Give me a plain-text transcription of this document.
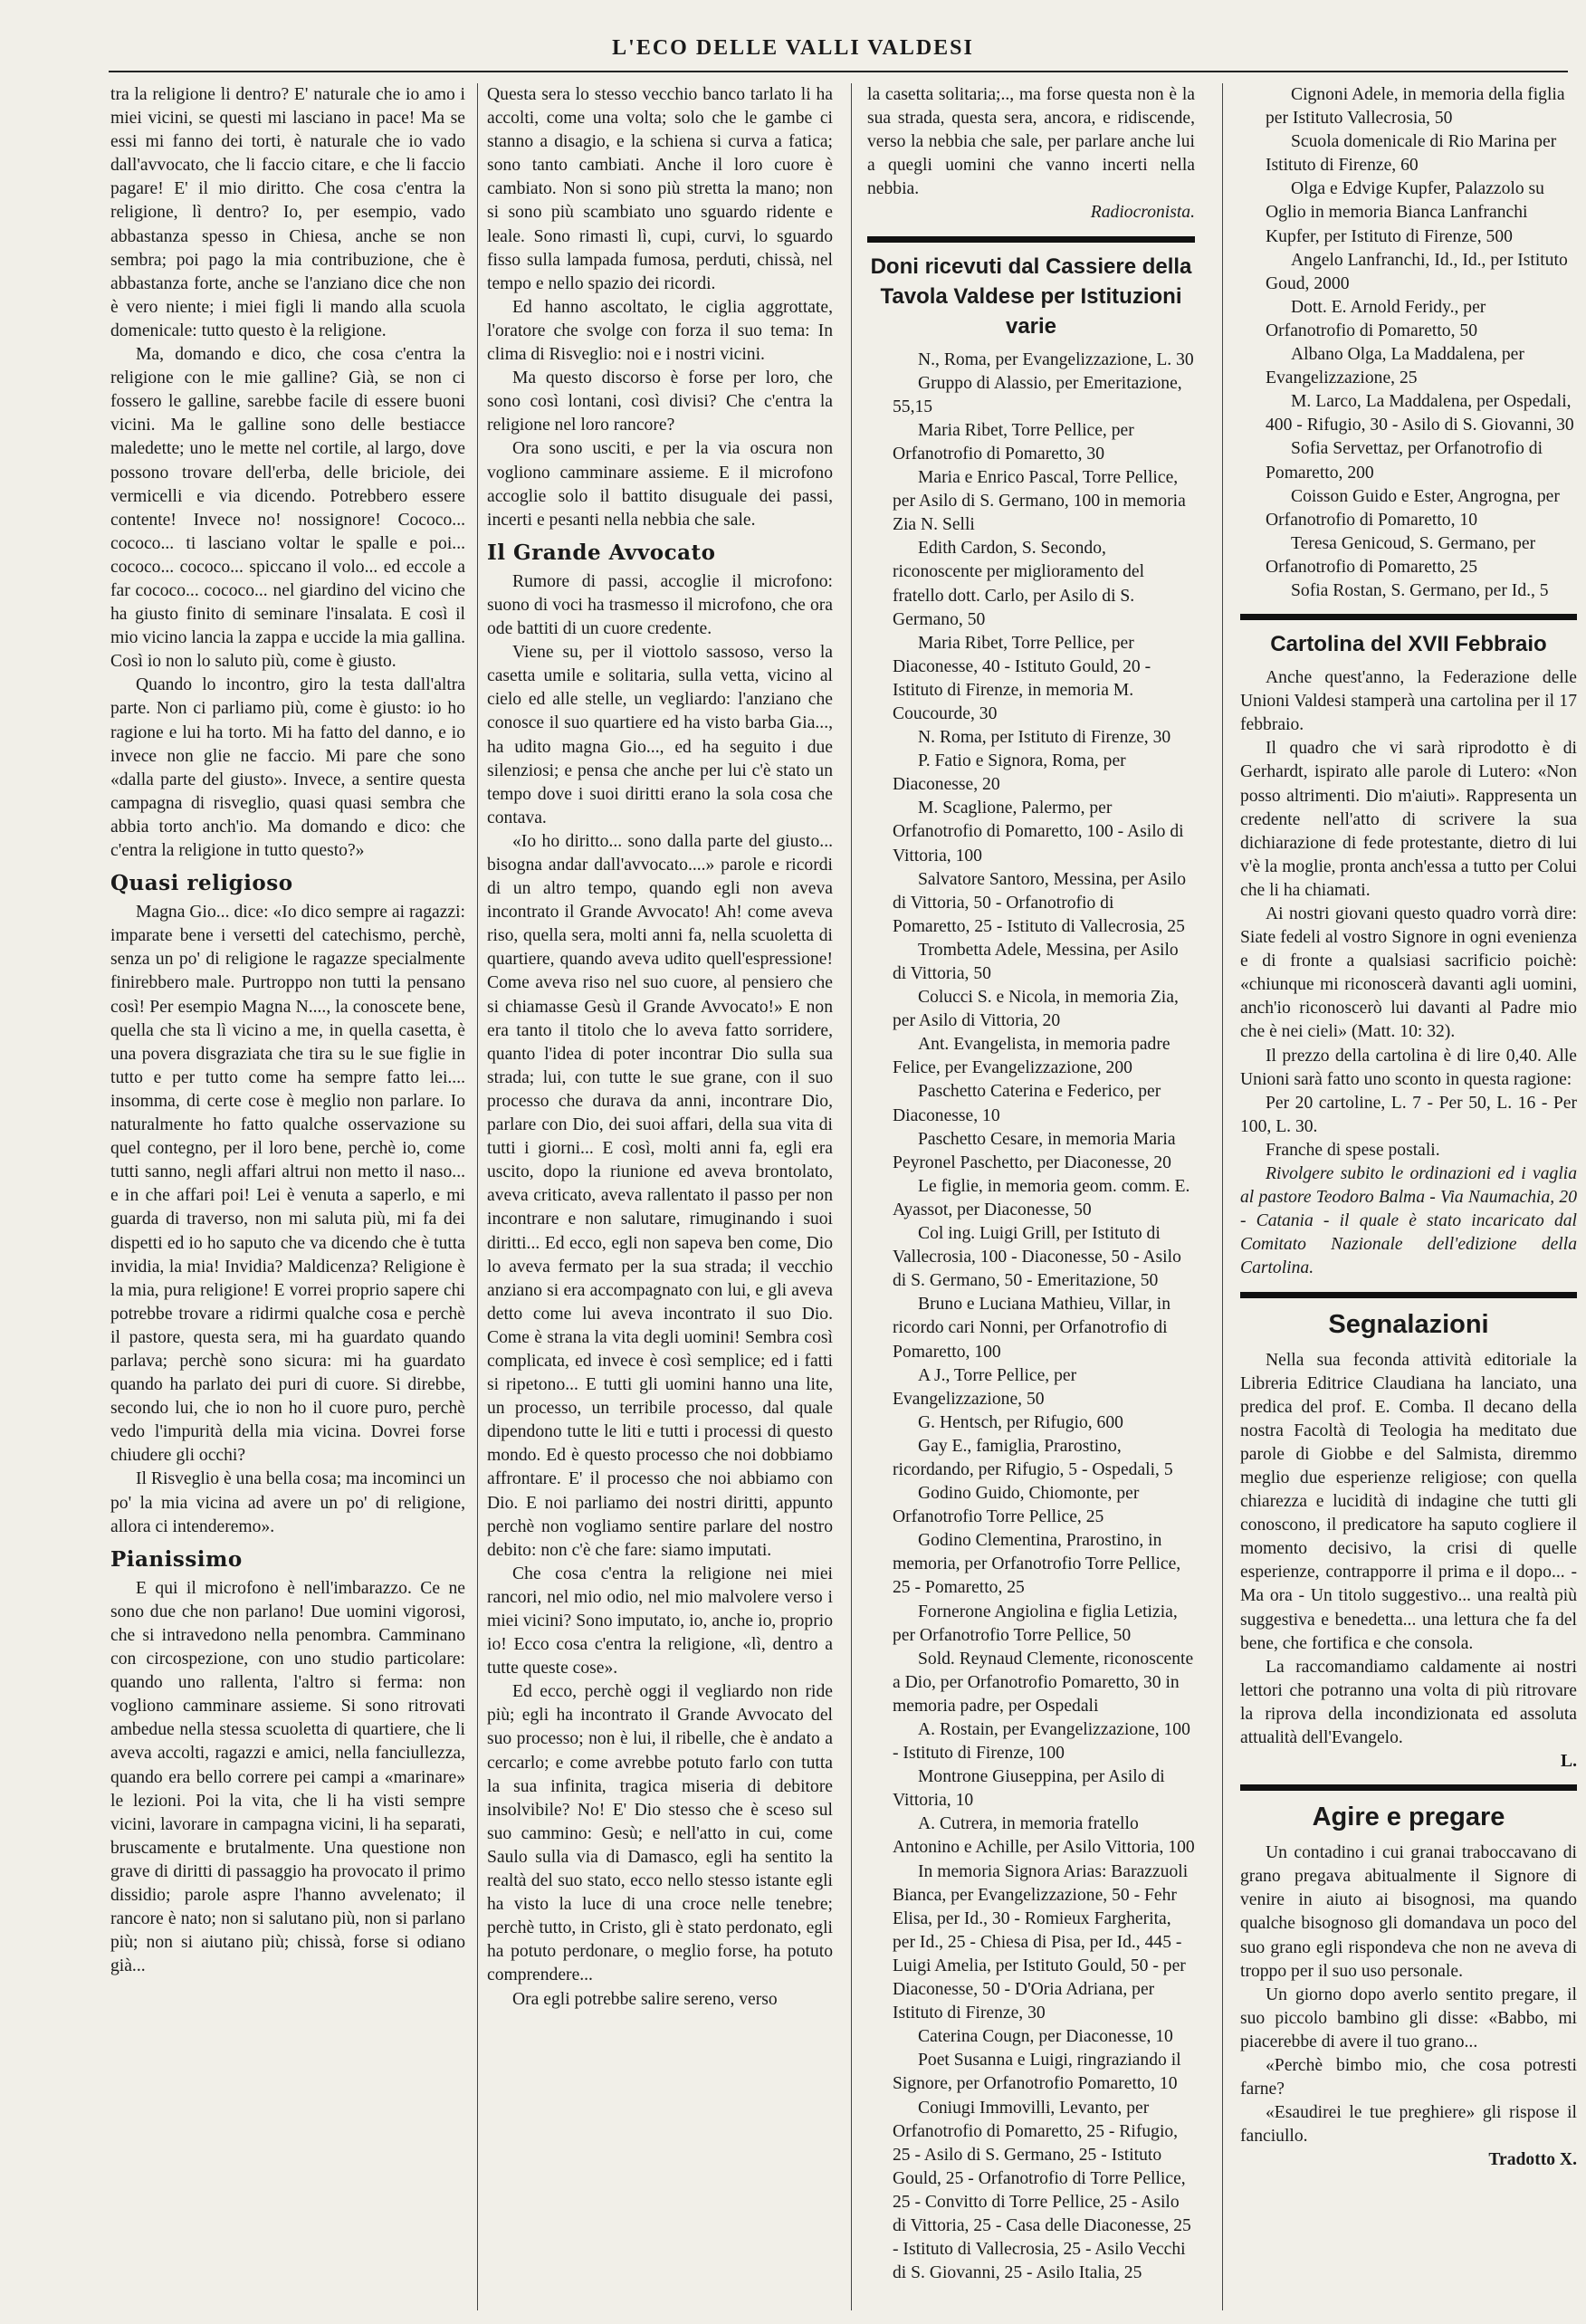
L'ECO DELLE VALLI VALDESI

tra la religione li dentro? E' naturale che io amo i miei vicini, se questi mi lasciano in pace! Ma se essi mi fanno dei torti, è naturale che io vado dall'avvocato, che li faccio citare, e che li faccio pagare! E' il mio diritto. Che cosa c'entra la religione, lì dentro? Io, per esempio, vado abbastanza spesso in Chiesa, anche se non sembra; poi pago la mia contribuzione, che è abbastanza forte, anche se l'anziano dice che non è vero niente; i miei figli li mando alla scuola domenicale: tutto questo è la religione.

Ma, domando e dico, che cosa c'entra la religione con le mie galline? Già, se non ci fossero le galline, sarebbe facile di essere buoni vicini. Ma le galline sono delle bestiacce maledette; uno le mette nel cortile, al largo, dove possono trovare dell'erba, delle briciole, dei vermicelli e via dicendo. Potrebbero essere contente! Invece no! nossignore! Cococo... cococo... ti lasciano voltar le spalle e poi... cococo... cococo... spiccano il volo... ed eccole a far cococo... cococo... nel giardino del vicino che ha giusto finito di seminare l'insalata. E così il mio vicino lancia la zappa e uccide la mia gallina. Così io non lo saluto più, come è giusto.

Quando lo incontro, giro la testa dall'altra parte. Non ci parliamo più, come è giusto: io ho ragione e lui ha torto. Mi ha fatto del danno, e io invece non glie ne faccio. Mi pare che sono «dalla parte del giusto». Invece, a sentire questa campagna di risveglio, quasi quasi sembra che abbia torto anch'io. Ma domando e dico: che c'entra la religione in tutto questo?»

Quasi religioso

Magna Gio... dice: «Io dico sempre ai ragazzi: imparate bene i versetti del catechismo, perchè, senza un po' di religione le ragazze specialmente finirebbero male. Purtroppo non tutti la pensano così! Per esempio Magna N...., la conoscete bene, quella che sta lì vicino a me, in quella casetta, è una povera disgraziata che tira su le sue figlie in tutto e per tutto come ha sempre fatto lei.... insomma, di certe cose è meglio non parlare. Io naturalmente ho fatto qualche osservazione su quel contegno, per il loro bene, perchè io, come tutti sanno, negli affari altrui non metto il naso... e in che affari poi! Lei è venuta a saperlo, e mi guarda di traverso, non mi saluta più, mi fa dei dispetti ed io ho saputo che va dicendo che è tutta invidia, la mia! Invidia? Maldicenza? Religione è la mia, pura religione! E vorrei proprio sapere chi potrebbe trovare a ridirmi qualche cosa e perchè il pastore, questa sera, mi ha guardato quando parlava; perchè sono sicura: mi ha guardato quando ha parlato dei puri di cuore. Si direbbe, secondo lui, che io non ho il cuore puro, perchè vedo l'impurità della mia vicina. Dovrei forse chiudere gli occhi?

Il Risveglio è una bella cosa; ma incominci un po' la mia vicina ad avere un po' di religione, allora ci intenderemo».

Pianissimo

E qui il microfono è nell'imbarazzo. Ce ne sono due che non parlano! Due uomini vigorosi, che si intravedono nella penombra. Camminano con circospezione, con uno studio particolare: quando uno rallenta, l'altro si ferma: non vogliono camminare assieme. Si sono ritrovati ambedue nella stessa scuoletta di quartiere, che li aveva accolti, ragazzi e amici, nella fanciullezza, quando era bello correre pei campi a «marinare» le lezioni. Poi la vita, che li ha visti sempre vicini, lavorare in campagna vicini, li ha separati, bruscamente e brutalmente. Una questione non grave di diritti di passaggio ha provocato il primo dissidio; parole aspre l'hanno avvelenato; il rancore è nato; non si salutano più, non si parlano più; non si aiutano più; chissà, forse si odiano già...

Questa sera lo stesso vecchio banco tarlato li ha accolti, come una volta; solo che le gambe ci stanno a disagio, e la schiena si curva a fatica; sono tanto cambiati. Anche il loro cuore è cambiato. Non si sono più stretta la mano; non si sono più scambiato uno sguardo ridente e leale. Sono rimasti lì, cupi, curvi, lo sguardo fisso sulla lampada fumosa, perduti, chissà, nel tempo e nello spazio dei ricordi.

Ed hanno ascoltato, le ciglia aggrottate, l'oratore che svolge con forza il suo tema: In clima di Risveglio: noi e i nostri vicini.

Ma questo discorso è forse per loro, che sono così lontani, così divisi? Che c'entra la religione nel loro rancore?

Ora sono usciti, e per la via oscura non vogliono camminare assieme. E il microfono accoglie solo il battito disuguale dei passi, incerti e pesanti nella nebbia che sale.

Il Grande Avvocato

Rumore di passi, accoglie il microfono: suono di voci ha trasmesso il microfono, che ora ode battiti di un cuore credente.

Viene su, per il viottolo sassoso, verso la casetta umile e solitaria, sulla vetta, vicino al cielo ed alle stelle, un vegliardo: l'anziano che conosce il suo quartiere ed ha visto barba Gia..., ha udito magna Gio..., ed ha seguito i due silenziosi; e pensa che anche per lui c'è stato un tempo dove i suoi diritti erano la sola cosa che contava.

«Io ho diritto... sono dalla parte del giusto... bisogna andar dall'avvocato....» parole e ricordi di un altro tempo, quando egli non aveva incontrato il Grande Avvocato! Ah! come aveva riso, quella sera, molti anni fa, nella scuoletta di quartiere, quando aveva udito quell'espressione! Come aveva riso nel suo cuore, al pensiero che si chiamasse Gesù il Grande Avvocato!» E non era tanto il titolo che lo aveva fatto sorridere, quanto l'idea di poter incontrar Dio sulla sua strada; lui, con tutte le sue grane, con il suo processo che durava da anni, incontrare Dio, parlare con Dio, dei suoi affari, della sua vita di tutti i giorni... E così, molti anni fa, egli era uscito, dopo la riunione ed aveva brontolato, aveva criticato, aveva rallentato il passo per non incontrare e non salutare, rimuginando i suoi diritti... Ed ecco, egli non sapeva ben come, Dio lo aveva fermato per la sua strada; il vecchio anziano si era accompagnato con lui, e gli aveva detto come lui aveva incontrato il suo Dio. Come è strana la vita degli uomini! Sembra così complicata, ed invece è così semplice; ed i fatti si ripetono... E tutti gli uomini hanno una lite, un processo, un terribile processo, dal quale dipendono tutte le liti e tutti i processi di questo mondo. Ed è questo processo che noi dobbiamo affrontare. E' il processo che noi abbiamo con Dio. E noi parliamo dei nostri diritti, appunto perchè non vogliamo sentire parlare del nostro debito: non c'è che fare: siamo imputati.

Che cosa c'entra la religione nei miei rancori, nel mio odio, nel mio malvolere verso i miei vicini? Sono imputato, io, anche io, proprio io! Ecco cosa c'entra la religione, «lì, dentro a tutte queste cose».

Ed ecco, perchè oggi il vegliardo non ride più; egli ha incontrato il Grande Avvocato del suo processo; non è lui, il ribelle, che è andato a cercarlo; e come avrebbe potuto farlo con tutta la sua infinita, tragica miseria di debitore insolvibile? No! E' Dio stesso che è sceso sul suo cammino: Gesù; e nell'atto in cui, come Saulo sulla via di Damasco, egli ha sentito la realtà del suo stato, ecco nello stesso istante egli ha visto la luce di una croce nelle tenebre; perchè tutto, in Cristo, gli è stato perdonato, egli ha potuto perdonare, o meglio forse, ha potuto comprendere...

Ora egli potrebbe salire sereno, verso

la casetta solitaria;.., ma forse questa non è la sua strada, questa sera, ancora, e ridiscende, verso la nebbia che sale, per parlare anche lui a quegli uomini che vanno incerti nella nebbia.

Radiocronista.

Doni ricevuti dal Cassiere della Tavola Valdese per Istituzioni varie

N., Roma, per Evangelizzazione, L. 30

Gruppo di Alassio, per Emeritazione, 55,15

Maria Ribet, Torre Pellice, per Orfanotrofio di Pomaretto, 30

Maria e Enrico Pascal, Torre Pellice, per Asilo di S. Germano, 100 in memoria Zia N. Selli

Edith Cardon, S. Secondo, riconoscente per miglioramento del fratello dott. Carlo, per Asilo di S. Germano, 50

Maria Ribet, Torre Pellice, per Diaconesse, 40 - Istituto Gould, 20 - Istituto di Firenze, in memoria M. Coucourde, 30

N. Roma, per Istituto di Firenze, 30

P. Fatio e Signora, Roma, per Diaconesse, 20

M. Scaglione, Palermo, per Orfanotrofio di Pomaretto, 100 - Asilo di Vittoria, 100

Salvatore Santoro, Messina, per Asilo di Vittoria, 50 - Orfanotrofio di Pomaretto, 25 - Istituto di Vallecrosia, 25

Trombetta Adele, Messina, per Asilo di Vittoria, 50

Colucci S. e Nicola, in memoria Zia, per Asilo di Vittoria, 20

Ant. Evangelista, in memoria padre Felice, per Evangelizzazione, 200

Paschetto Caterina e Federico, per Diaconesse, 10

Paschetto Cesare, in memoria Maria Peyronel Paschetto, per Diaconesse, 20

Le figlie, in memoria geom. comm. E. Ayassot, per Diaconesse, 50

Col ing. Luigi Grill, per Istituto di Vallecrosia, 100 - Diaconesse, 50 - Asilo di S. Germano, 50 - Emeritazione, 50

Bruno e Luciana Mathieu, Villar, in ricordo cari Nonni, per Orfanotrofio di Pomaretto, 100

A J., Torre Pellice, per Evangelizzazione, 50

G. Hentsch, per Rifugio, 600

Gay E., famiglia, Prarostino, ricordando, per Rifugio, 5 - Ospedali, 5

Godino Guido, Chiomonte, per Orfanotrofio Torre Pellice, 25

Godino Clementina, Prarostino, in memoria, per Orfanotrofio Torre Pellice, 25 - Pomaretto, 25

Fornerone Angiolina e figlia Letizia, per Orfanotrofio Torre Pellice, 50

Sold. Reynaud Clemente, riconoscente a Dio, per Orfanotrofio Pomaretto, 30 in memoria padre, per Ospedali

A. Rostain, per Evangelizzazione, 100 - Istituto di Firenze, 100

Montrone Giuseppina, per Asilo di Vittoria, 10

A. Cutrera, in memoria fratello Antonino e Achille, per Asilo Vittoria, 100

In memoria Signora Arias: Barazzuoli Bianca, per Evangelizzazione, 50 - Fehr Elisa, per Id., 30 - Romieux Fargherita, per Id., 25 - Chiesa di Pisa, per Id., 445 - Luigi Amelia, per Istituto Gould, 50 - per Diaconesse, 50 - D'Oria Adriana, per Istituto di Firenze, 30

Caterina Cougn, per Diaconesse, 10

Poet Susanna e Luigi, ringraziando il Signore, per Orfanotrofio Pomaretto, 10

Coniugi Immovilli, Levanto, per Orfanotrofio di Pomaretto, 25 - Rifugio, 25 - Asilo di S. Germano, 25 - Istituto Gould, 25 - Orfanotrofio di Torre Pellice, 25 - Convitto di Torre Pellice, 25 - Asilo di Vittoria, 25 - Casa delle Diaconesse, 25 - Istituto di Vallecrosia, 25 - Asilo Vecchi di S. Giovanni, 25 - Asilo Italia, 25

Cignoni Adele, in memoria della figlia per Istituto Vallecrosia, 50

Scuola domenicale di Rio Marina per Istituto di Firenze, 60

Olga e Edvige Kupfer, Palazzolo su Oglio in memoria Bianca Lanfranchi Kupfer, per Istituto di Firenze, 500

Angelo Lanfranchi, Id., Id., per Istituto Goud, 2000

Dott. E. Arnold Feridy., per Orfanotrofio di Pomaretto, 50

Albano Olga, La Maddalena, per Evangelizzazione, 25

M. Larco, La Maddalena, per Ospedali, 400 - Rifugio, 30 - Asilo di S. Giovanni, 30

Sofia Servettaz, per Orfanotrofio di Pomaretto, 200

Coisson Guido e Ester, Angrogna, per Orfanotrofio di Pomaretto, 10

Teresa Genicoud, S. Germano, per Orfanotrofio di Pomaretto, 25

Sofia Rostan, S. Germano, per Id., 5

Cartolina del XVII Febbraio

Anche quest'anno, la Federazione delle Unioni Valdesi stamperà una cartolina per il 17 febbraio.

Il quadro che vi sarà riprodotto è di Gerhardt, ispirato alle parole di Lutero: «Non posso altrimenti. Dio m'aiuti». Rappresenta un credente nell'atto di scrivere la sua dichiarazione di fede protestante, dietro di lui v'è la moglie, pronta anch'essa a tutto per Colui che li ha chiamati.

Ai nostri giovani questo quadro vorrà dire: Siate fedeli al vostro Signore in ogni evenienza e di fronte a qualsiasi sacrificio poichè: «chiunque mi riconoscerà davanti agli uomini, anch'io riconoscerò lui davanti al Padre mio che è nei cieli» (Matt. 10: 32).

Il prezzo della cartolina è di lire 0,40. Alle Unioni sarà fatto uno sconto in questa ragione:

Per 20 cartoline, L. 7 - Per 50, L. 16 - Per 100, L. 30.

Franche di spese postali.

Rivolgere subito le ordinazioni ed i vaglia al pastore Teodoro Balma - Via Naumachia, 20 - Catania - il quale è stato incaricato dal Comitato Nazionale dell'edizione della Cartolina.

Segnalazioni

Nella sua feconda attività editoriale la Libreria Editrice Claudiana ha lanciato, una predica del prof. E. Comba. Il decano della nostra Facoltà di Teologia ha meditato due parole di Giobbe e del Salmista, diremmo meglio due esperienze religiose; con quella chiarezza e lucidità di indagine che tutti gli conoscono, il predicatore ha saputo cogliere il momento decisivo, la crisi di quelle esperienze, contrapporre il prima e il dopo... - Ma ora - Un titolo suggestivo... una realtà più suggestiva e benedetta... una lettura che fa del bene, che fortifica e che consola.

La raccomandiamo caldamente ai nostri lettori che potranno una volta di più ritrovare la riprova della incondizionata ed assoluta attualità dell'Evangelo.

L.

Agire e pregare

Un contadino i cui granai traboccavano di grano pregava abitualmente il Signore di venire in aiuto ai bisognosi, ma quando qualche bisognoso gli domandava un poco del suo grano egli rispondeva che non ne aveva di troppo per il suo uso personale.

Un giorno dopo averlo sentito pregare, il suo piccolo bambino gli disse: «Babbo, mi piacerebbe di avere il tuo grano...

«Perchè bimbo mio, che cosa potresti farne?

«Esaudirei le tue preghiere» gli rispose il fanciullo.

Tradotto X.
